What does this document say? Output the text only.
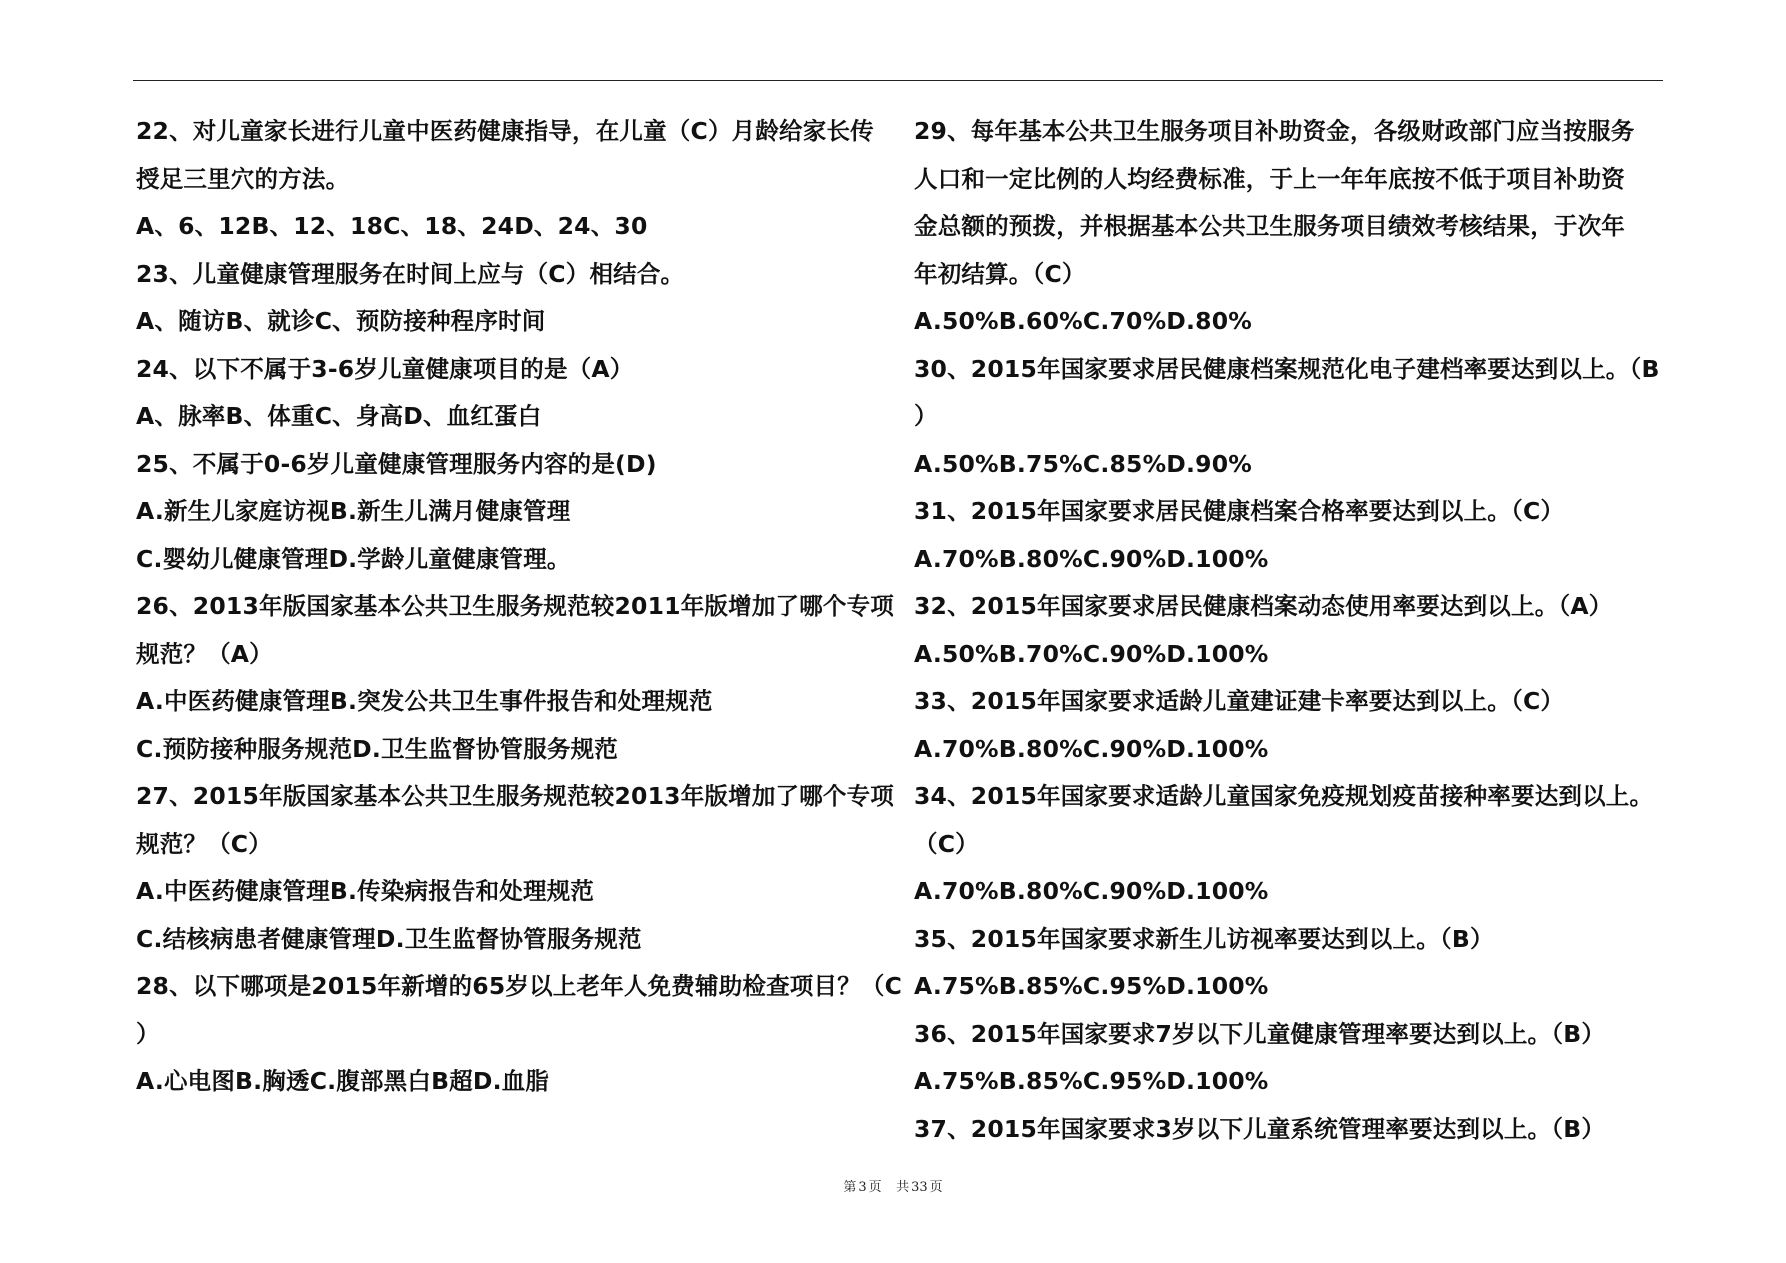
22、对儿童家长进行儿童中医药健康指导，在儿童（C）月龄给家长传
授足三里穴的方法。
A、6、12B、12、18C、18、24D、24、30
23、儿童健康管理服务在时间上应与（C）相结合。
A、随访B、就诊C、预防接种程序时间
24、以下不属于3-6岁儿童健康项目的是（A）
A、脉率B、体重C、身高D、血红蛋白
25、不属于0-6岁儿童健康管理服务内容的是(D)
A.新生儿家庭访视B.新生儿满月健康管理
C.婴幼儿健康管理D.学龄儿童健康管理。
26、2013年版国家基本公共卫生服务规范较2011年版增加了哪个专项
规范？（A）
A.中医药健康管理B.突发公共卫生事件报告和处理规范
C.预防接种服务规范D.卫生监督协管服务规范
27、2015年版国家基本公共卫生服务规范较2013年版增加了哪个专项
规范？（C）
A.中医药健康管理B.传染病报告和处理规范
C.结核病患者健康管理D.卫生监督协管服务规范
28、以下哪项是2015年新增的65岁以上老年人免费辅助检查项目？（C
）
A.心电图B.胸透C.腹部黑白B超D.血脂
29、每年基本公共卫生服务项目补助资金，各级财政部门应当按服务
人口和一定比例的人均经费标准，于上一年年底按不低于项目补助资
金总额的预拨，并根据基本公共卫生服务项目绩效考核结果，于次年
年初结算。（C）
A.50%B.60%C.70%D.80%
30、2015年国家要求居民健康档案规范化电子建档率要达到以上。（B
）
A.50%B.75%C.85%D.90%
31、2015年国家要求居民健康档案合格率要达到以上。（C）
A.70%B.80%C.90%D.100%
32、2015年国家要求居民健康档案动态使用率要达到以上。（A）
A.50%B.70%C.90%D.100%
33、2015年国家要求适龄儿童建证建卡率要达到以上。（C）
A.70%B.80%C.90%D.100%
34、2015年国家要求适龄儿童国家免疫规划疫苗接种率要达到以上。
（C）
A.70%B.80%C.90%D.100%
35、2015年国家要求新生儿访视率要达到以上。（B）
A.75%B.85%C.95%D.100%
36、2015年国家要求7岁以下儿童健康管理率要达到以上。（B）
A.75%B.85%C.95%D.100%
37、2015年国家要求3岁以下儿童系统管理率要达到以上。（B）
第 3 页 共 33 页
